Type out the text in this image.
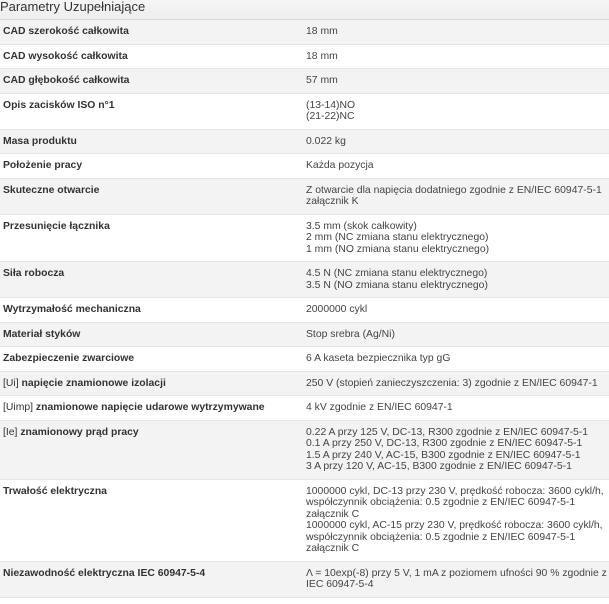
Parametry Uzupełniające
CAD szerokość całkowita	18 mm

CAD wysokość całkowita	18 mm

CAD głębokość całkowita	57 mm

Opis zacisków ISO n°1	(13-14)NO
(21-22)NC

Masa produktu	0.022 kg

Położenie pracy	Każda pozycja

Skuteczne otwarcie	Z otwarcie dla napięcia dodatniego zgodnie z EN/IEC 60947-5-1 załącznik K

Przesunięcie łącznika	3.5 mm (skok całkowity)
2 mm (NC zmiana stanu elektrycznego)
1 mm (NO zmiana stanu elektrycznego)

Siła robocza	4.5 N (NC zmiana stanu elektrycznego)
3.5 N (NO zmiana stanu elektrycznego)

Wytrzymałość mechaniczna	2000000 cykl

Materiał styków	Stop srebra (Ag/Ni)

Zabezpieczenie zwarciowe	6 A kaseta bezpiecznika typ gG

[Ui] napięcie znamionowe izolacji	250 V (stopień zanieczyszczenia: 3) zgodnie z EN/IEC 60947-1

[Uimp] znamionowe napięcie udarowe wytrzymywane	4 kV zgodnie z EN/IEC 60947-1

[Ie] znamionowy prąd pracy	0.22 A przy 125 V, DC-13, R300 zgodnie z EN/IEC 60947-5-1
0.1 A przy 250 V, DC-13, R300 zgodnie z EN/IEC 60947-5-1
1.5 A przy 240 V, AC-15, B300 zgodnie z EN/IEC 60947-5-1
3 A przy 120 V, AC-15, B300 zgodnie z EN/IEC 60947-5-1

Trwałość elektryczna	1000000 cykl, DC-13 przy 230 V, prędkość robocza: 3600 cykl/h, współczynnik obciążenia: 0.5 zgodnie z EN/IEC 60947-5-1 załącznik C
1000000 cykl, AC-15 przy 230 V, prędkość robocza: 3600 cykl/h, współczynnik obciążenia: 0.5 zgodnie z EN/IEC 60947-5-1 załącznik C

Niezawodność elektryczna IEC 60947-5-4	Λ = 10exp(-8) przy 5 V, 1 mA z poziomem ufności 90 % zgodnie z IEC 60947-5-4
